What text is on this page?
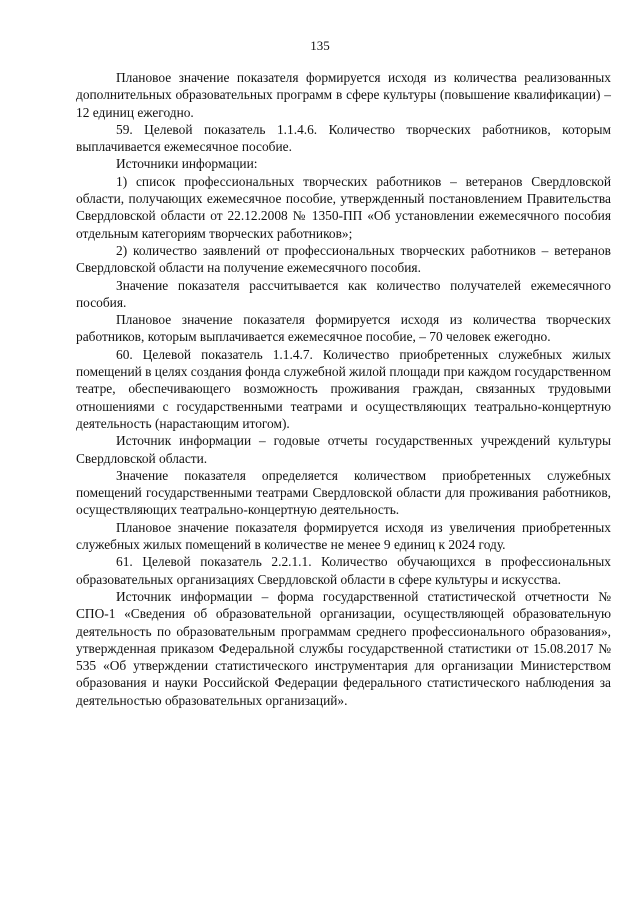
135

Плановое значение показателя формируется исходя из количества реализованных дополнительных образовательных программ в сфере культуры (повышение квалификации) – 12 единиц ежегодно.

59. Целевой показатель 1.1.4.6. Количество творческих работников, которым выплачивается ежемесячное пособие.

Источники информации:

1) список профессиональных творческих работников – ветеранов Свердловской области, получающих ежемесячное пособие, утвержденный постановлением Правительства Свердловской области от 22.12.2008 № 1350-ПП «Об установлении ежемесячного пособия отдельным категориям творческих работников»;

2) количество заявлений от профессиональных творческих работников – ветеранов Свердловской области на получение ежемесячного пособия.

Значение показателя рассчитывается как количество получателей ежемесячного пособия.

Плановое значение показателя формируется исходя из количества творческих работников, которым выплачивается ежемесячное пособие, – 70 человек ежегодно.

60. Целевой показатель 1.1.4.7. Количество приобретенных служебных жилых помещений в целях создания фонда служебной жилой площади при каждом государственном театре, обеспечивающего возможность проживания граждан, связанных трудовыми отношениями с государственными театрами и осуществляющих театрально-концертную деятельность (нарастающим итогом).

Источник информации – годовые отчеты государственных учреждений культуры Свердловской области.

Значение показателя определяется количеством приобретенных служебных помещений государственными театрами Свердловской области для проживания работников, осуществляющих театрально-концертную деятельность.

Плановое значение показателя формируется исходя из увеличения приобретенных служебных жилых помещений в количестве не менее 9 единиц к 2024 году.

61. Целевой показатель 2.2.1.1. Количество обучающихся в профессиональных образовательных организациях Свердловской области в сфере культуры и искусства.

Источник информации – форма государственной статистической отчетности № СПО-1 «Сведения об образовательной организации, осуществляющей образовательную деятельность по образовательным программам среднего профессионального образования», утвержденная приказом Федеральной службы государственной статистики от 15.08.2017 № 535 «Об утверждении статистического инструментария для организации Министерством образования и науки Российской Федерации федерального статистического наблюдения за деятельностью образовательных организаций».
